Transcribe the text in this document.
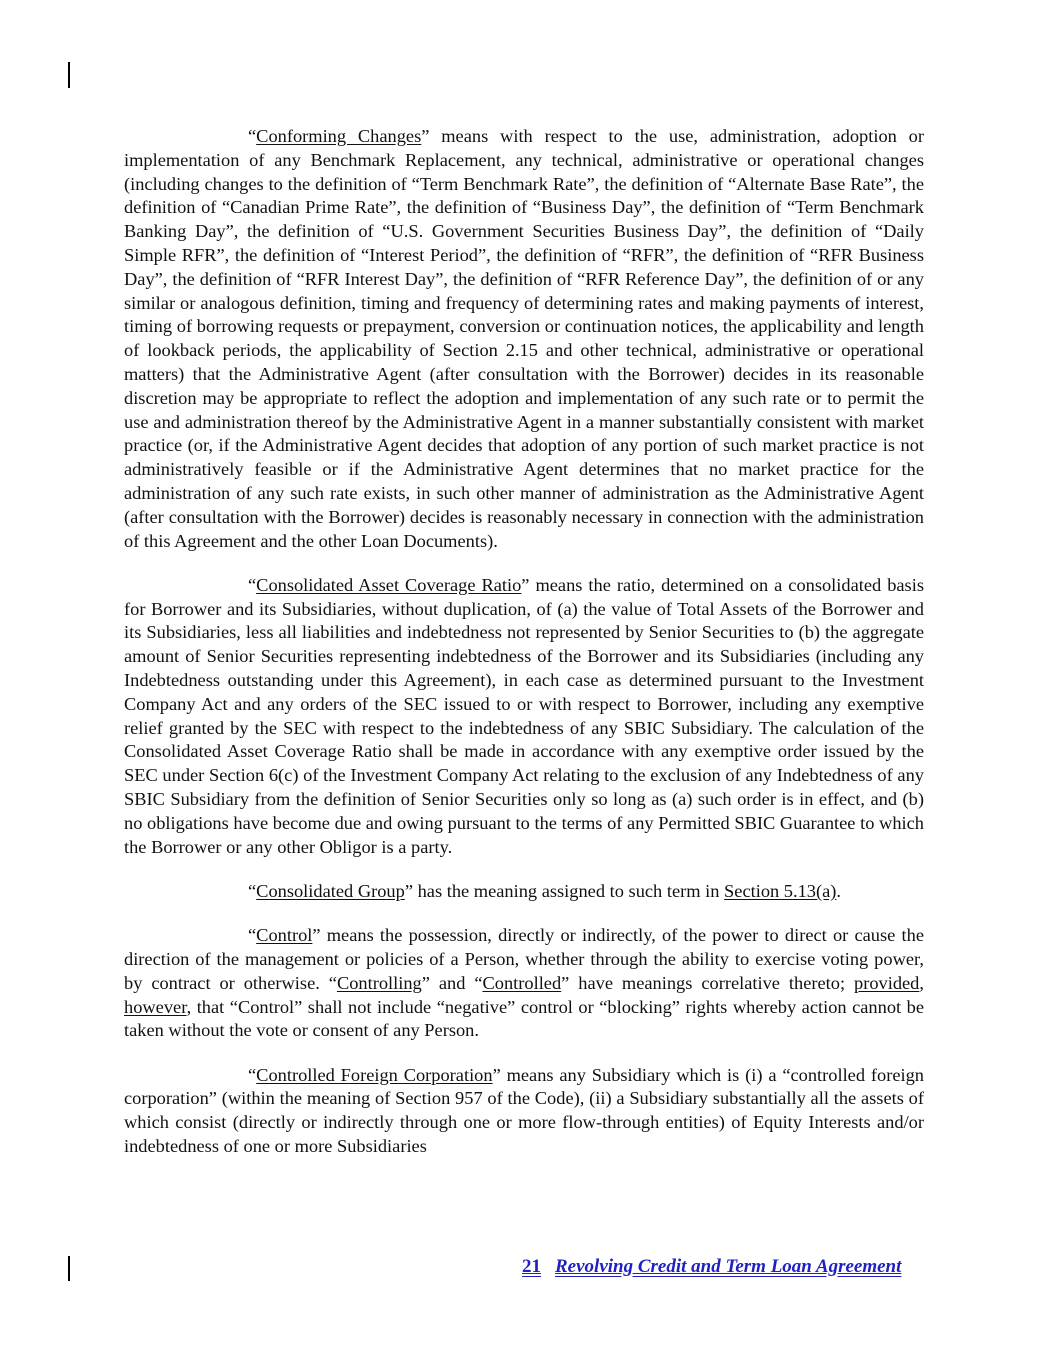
“Conforming Changes” means with respect to the use, administration, adoption or implementation of any Benchmark Replacement, any technical, administrative or operational changes (including changes to the definition of “Term Benchmark Rate”, the definition of “Alternate Base Rate”, the definition of “Canadian Prime Rate”, the definition of “Business Day”, the definition of “Term Benchmark Banking Day”, the definition of “U.S. Government Securities Business Day”, the definition of “Daily Simple RFR”, the definition of “Interest Period”, the definition of “RFR”, the definition of “RFR Business Day”, the definition of “RFR Interest Day”, the definition of “RFR Reference Day”, the definition of or any similar or analogous definition, timing and frequency of determining rates and making payments of interest, timing of borrowing requests or prepayment, conversion or continuation notices, the applicability and length of lookback periods, the applicability of Section 2.15 and other technical, administrative or operational matters) that the Administrative Agent (after consultation with the Borrower) decides in its reasonable discretion may be appropriate to reflect the adoption and implementation of any such rate or to permit the use and administration thereof by the Administrative Agent in a manner substantially consistent with market practice (or, if the Administrative Agent decides that adoption of any portion of such market practice is not administratively feasible or if the Administrative Agent determines that no market practice for the administration of any such rate exists, in such other manner of administration as the Administrative Agent (after consultation with the Borrower) decides is reasonably necessary in connection with the administration of this Agreement and the other Loan Documents).

“Consolidated Asset Coverage Ratio” means the ratio, determined on a consolidated basis for Borrower and its Subsidiaries, without duplication, of (a) the value of Total Assets of the Borrower and its Subsidiaries, less all liabilities and indebtedness not represented by Senior Securities to (b) the aggregate amount of Senior Securities representing indebtedness of the Borrower and its Subsidiaries (including any Indebtedness outstanding under this Agreement), in each case as determined pursuant to the Investment Company Act and any orders of the SEC issued to or with respect to Borrower, including any exemptive relief granted by the SEC with respect to the indebtedness of any SBIC Subsidiary. The calculation of the Consolidated Asset Coverage Ratio shall be made in accordance with any exemptive order issued by the SEC under Section 6(c) of the Investment Company Act relating to the exclusion of any Indebtedness of any SBIC Subsidiary from the definition of Senior Securities only so long as (a) such order is in effect, and (b) no obligations have become due and owing pursuant to the terms of any Permitted SBIC Guarantee to which the Borrower or any other Obligor is a party.

“Consolidated Group” has the meaning assigned to such term in Section 5.13(a).

“Control” means the possession, directly or indirectly, of the power to direct or cause the direction of the management or policies of a Person, whether through the ability to exercise voting power, by contract or otherwise. “Controlling” and “Controlled” have meanings correlative thereto; provided, however, that “Control” shall not include “negative” control or “blocking” rights whereby action cannot be taken without the vote or consent of any Person.

“Controlled Foreign Corporation” means any Subsidiary which is (i) a “controlled foreign corporation” (within the meaning of Section 957 of the Code), (ii) a Subsidiary substantially all the assets of which consist (directly or indirectly through one or more flow-through entities) of Equity Interests and/or indebtedness of one or more Subsidiaries

21 Revolving Credit and Term Loan Agreement
